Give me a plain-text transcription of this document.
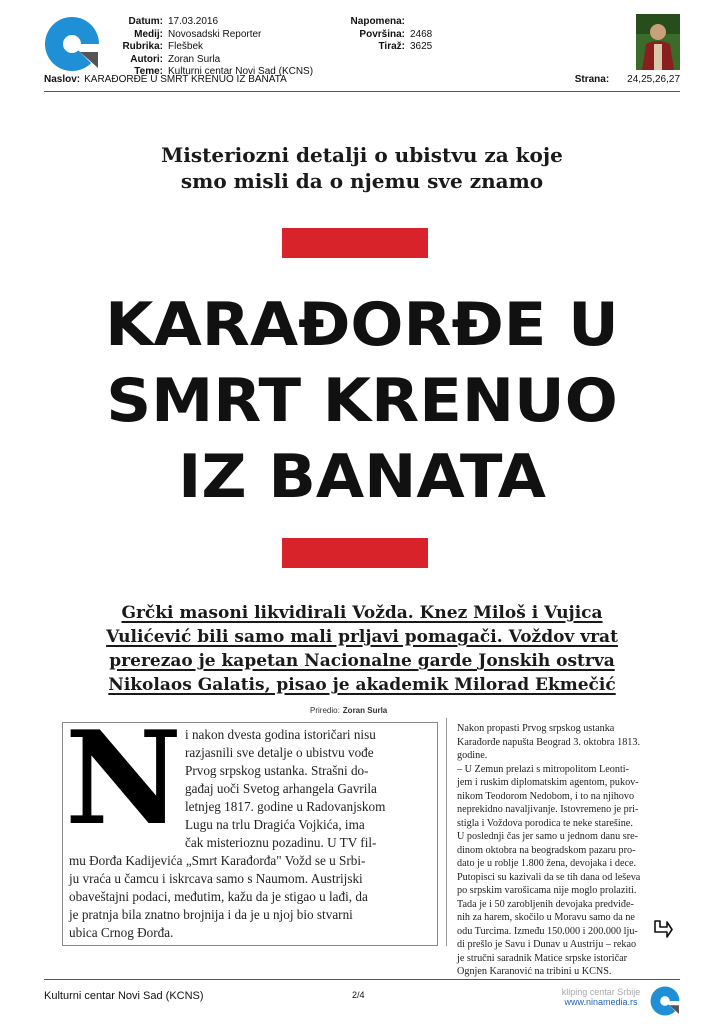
Datum: 17.03.2016
Medij: Novosadski Reporter
Rubrika: Flešbek
Autori: Zoran Surla
Teme: Kulturni centar Novi Sad (KCNS)
Napomena:
Površina: 2468
Tiraž: 3625
Naslov: KARAĐORĐE U SMRT KRENUO IZ BANATA	Strana: 24,25,26,27
Misteriozni detalji o ubistvu za koje
smo misli da o njemu sve znamo
KARAĐORĐE U
SMRT KRENUO
IZ BANATA
Grčki masoni likvidirali Vožda. Knez Miloš i Vujica
Vulićević bili samo mali prljavi pomagači. Voždov vrat
prerezao je kapetan Nacionalne garde Jonskih ostrva
Nikolaos Galatis, pisao je akademik Milorad Ekmečić
Priredio: Zoran Surla
N i nakon dvesta godina istoričari nisu
razjasnili sve detalje o ubistvu vođe
Prvog srpskog ustanka. Strašni do-
gađaj uoči Svetog arhangela Gavrila
letnjeg 1817. godine u Radovanjskom
Lugu na trlu Dragića Vojkića, ima
čak misterioznu pozadinu. U TV fil-
mu Đorđa Kadijevića „Smrt Karađorđa" Vožd se u Srbi-
ju vraća u čamcu i iskrcava samo s Naumom. Austrijski
obaveštajni podaci, međutim, kažu da je stigao u lađi, da
je pratnja bila znatno brojnija i da je u njoj bio stvarni
ubica Crnog Đorđa.
Nakon propasti Prvog srpskog ustanka
Karađorđe napušta Beograd 3. oktobra 1813.
godine.
– U Zemun prelazi s mitropolitom Leonti-
jem i ruskim diplomatskim agentom, pukov-
nikom Teodorom Nedobom, i to na njihovo
neprekidno navaljivanje. Istovremeno je pri-
stigla i Voždova porodica te neke starešine.
U poslednji čas jer samo u jednom danu sre-
dinom oktobra na beogradskom pazaru pro-
dato je u roblje 1.800 žena, devojaka i dece.
Putopisci su kazivali da se tih dana od leševa
po srpskim varošicama nije moglo prolaziti.
Tada je i 50 zarobljenih devojaka predviđe-
nih za harem, skočilo u Moravu samo da ne
odu Turcima. Između 150.000 i 200.000 lju-
di prešlo je Savu i Dunav u Austriju – rekao
je stručni saradnik Matice srpske istoričar
Ognjen Karanović na tribini u KCNS.
Kulturni centar Novi Sad (KCNS)	2/4	kliping centar Srbije
www.ninamedia.rs
